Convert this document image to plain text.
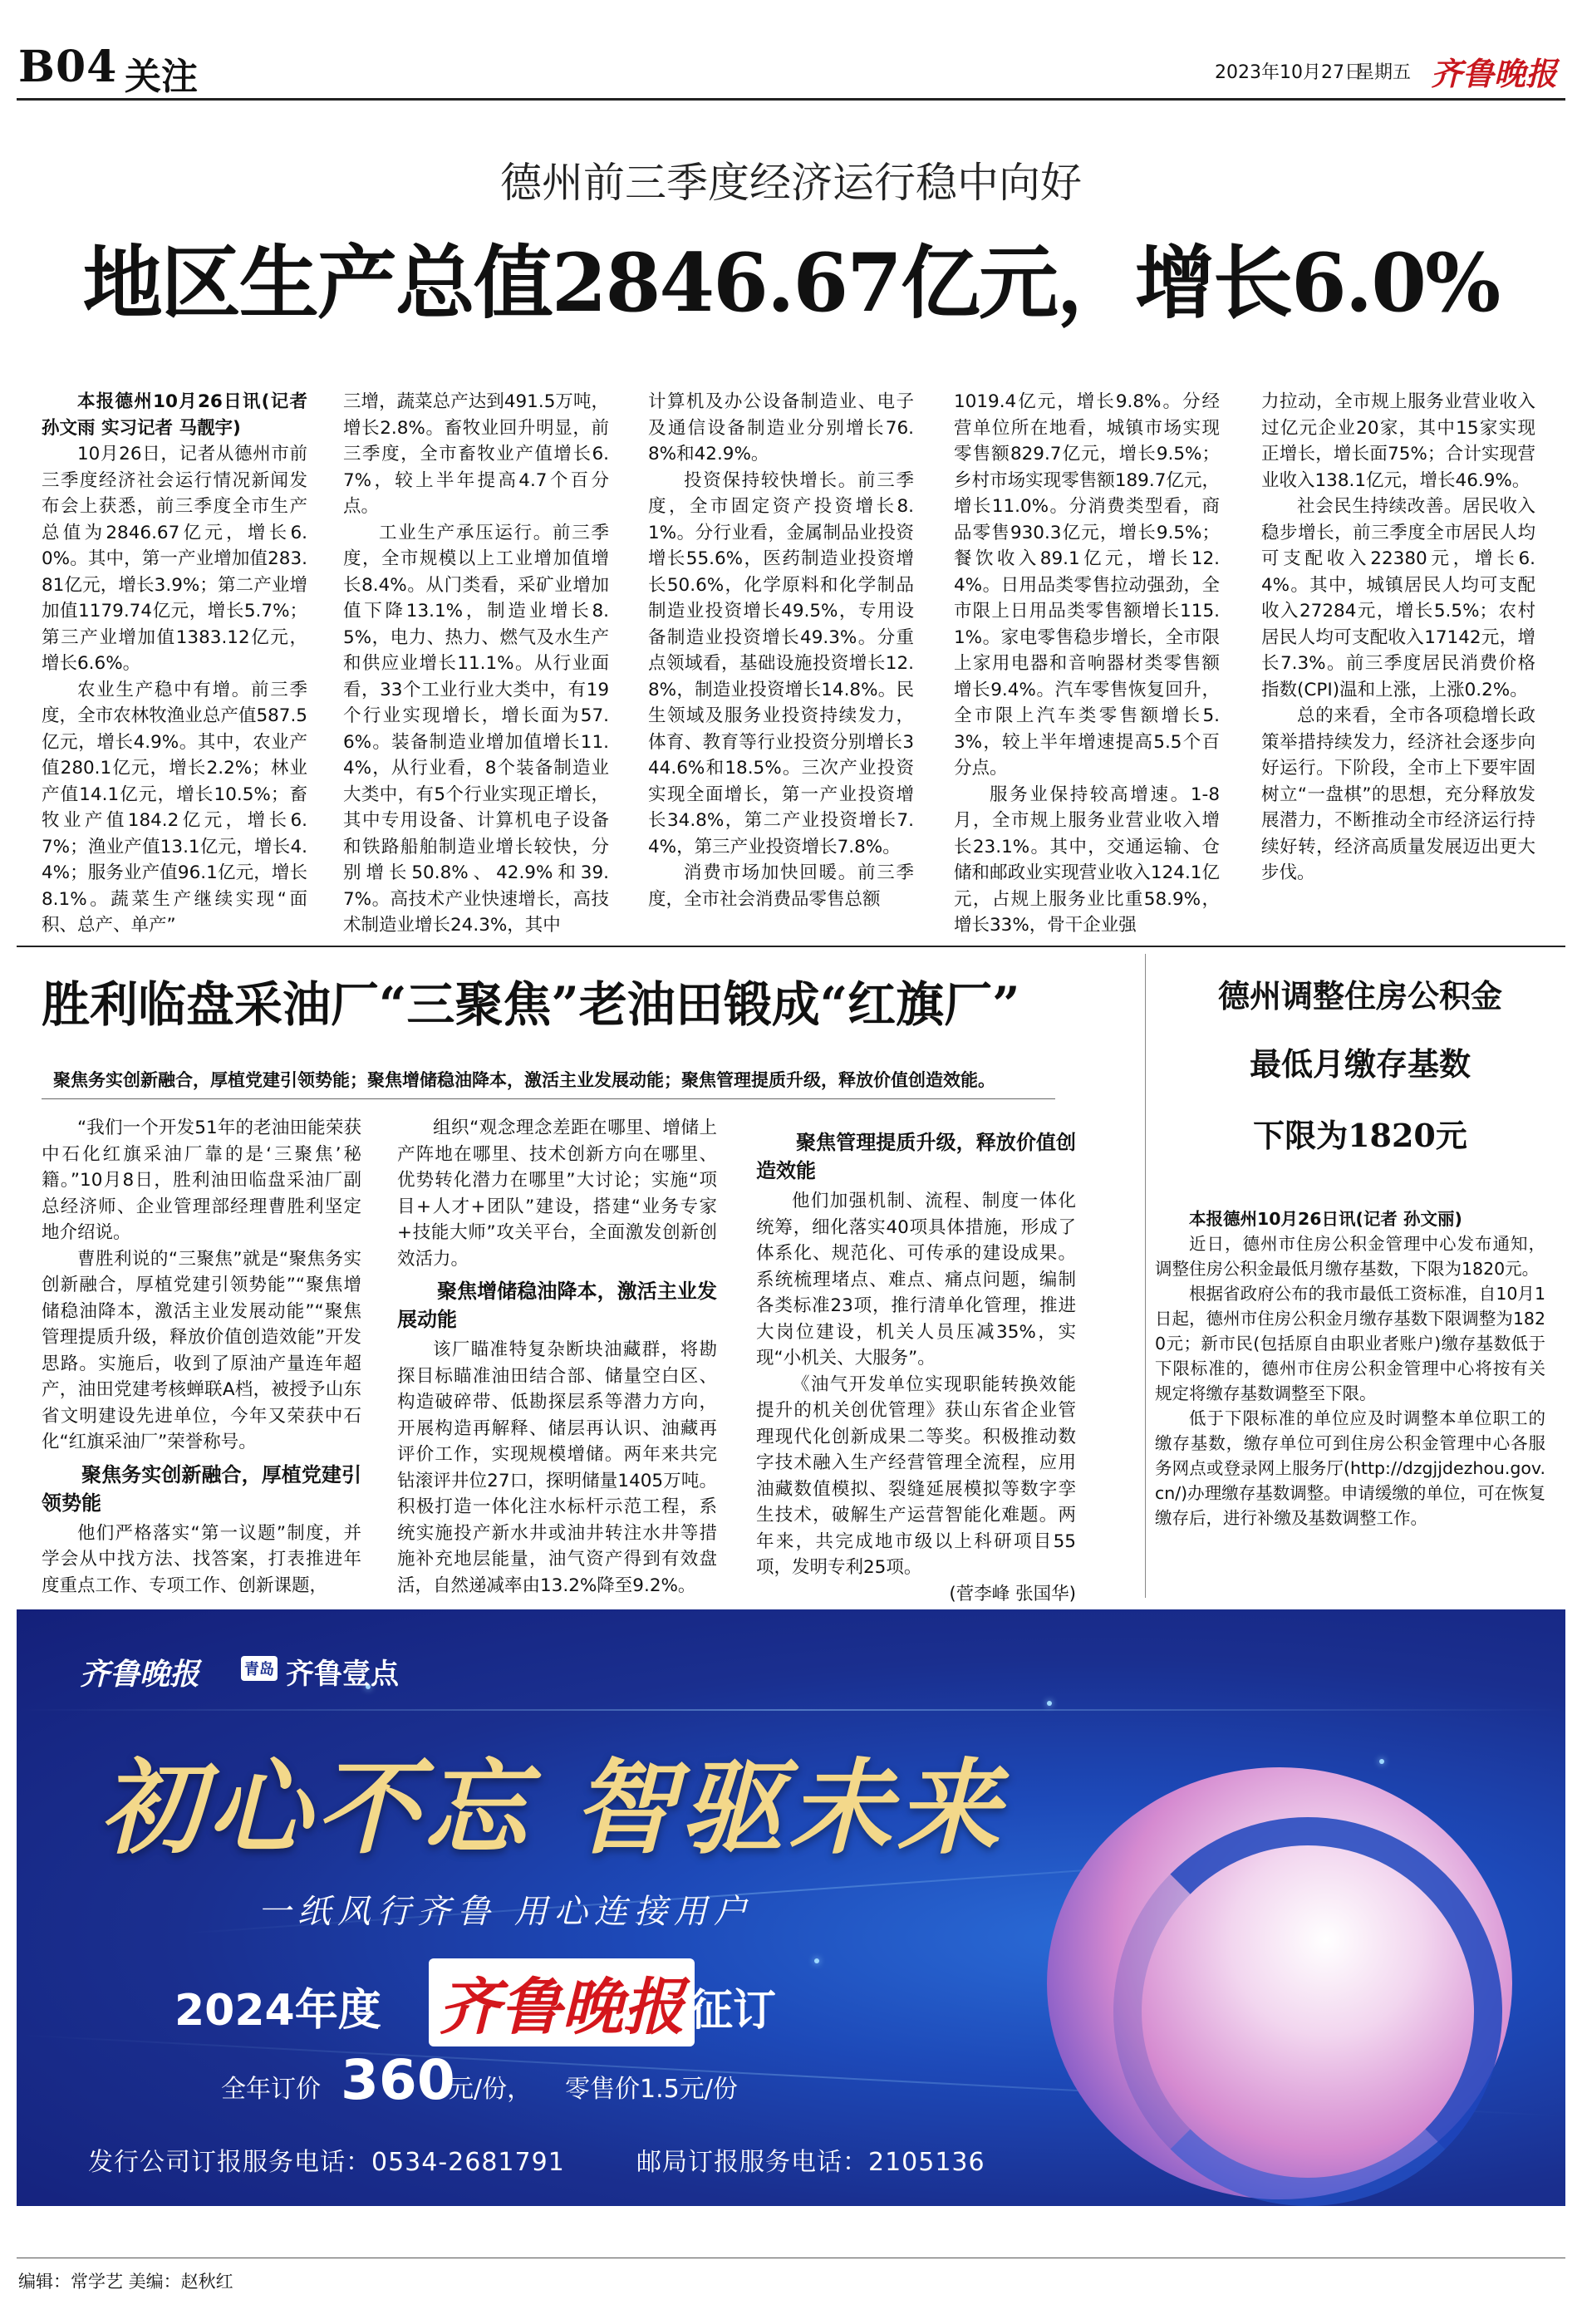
B04 关注	2023年10月27日
星期五 齐鲁晚报
德州前三季度经济运行稳中向好
地区生产总值2846.67亿元，增长6.0%

本报德州10月26日讯(记者 孙文雨 实习记者 马靓宇)

10月26日，记者从德州市前三季度经济社会运行情况新闻发布会上获悉，前三季度全市生产总值为2846.67亿元，增长6.0%。其中，第一产业增加值283.81亿元，增长3.9%；第二产业增加值1179.74亿元，增长5.7%；第三产业增加值1383.12亿元，增长6.6%。

农业生产稳中有增。前三季度，全市农林牧渔业总产值587.5亿元，增长4.9%。其中，农业产值280.1亿元，增长2.2%；林业产值14.1亿元，增长10.5%；畜牧业产值184.2亿元，增长6.7%；渔业产值13.1亿元，增长4.4%；服务业产值96.1亿元，增长8.1%。蔬菜生产继续实现“面积、总产、单产”

三增，蔬菜总产达到491.5万吨，增长2.8%。畜牧业回升明显，前三季度，全市畜牧业产值增长6.7%，较上半年提高4.7个百分点。

工业生产承压运行。前三季度，全市规模以上工业增加值增长8.4%。从门类看，采矿业增加值下降13.1%，制造业增长8.5%，电力、热力、燃气及水生产和供应业增长11.1%。从行业面看，33个工业行业大类中，有19个行业实现增长，增长面为57.6%。装备制造业增加值增长11.4%，从行业看，8个装备制造业大类中，有5个行业实现正增长，其中专用设备、计算机电子设备和铁路船舶制造业增长较快，分别增长50.8%、42.9%和39.7%。高技术产业快速增长，高技术制造业增长24.3%，其中

计算机及办公设备制造业、电子及通信设备制造业分别增长76.8%和42.9%。

投资保持较快增长。前三季度，全市固定资产投资增长8.1%。分行业看，金属制品业投资增长55.6%，医药制造业投资增长50.6%，化学原料和化学制品制造业投资增长49.5%，专用设备制造业投资增长49.3%。分重点领域看，基础设施投资增长12.8%，制造业投资增长14.8%。民生领域及服务业投资持续发力，体育、教育等行业投资分别增长344.6%和18.5%。三次产业投资实现全面增长，第一产业投资增长34.8%，第二产业投资增长7.4%，第三产业投资增长7.8%。

消费市场加快回暖。前三季度，全市社会消费品零售总额

1019.4亿元，增长9.8%。分经营单位所在地看，城镇市场实现零售额829.7亿元，增长9.5%；乡村市场实现零售额189.7亿元，增长11.0%。分消费类型看，商品零售930.3亿元，增长9.5%；餐饮收入89.1亿元，增长12.4%。日用品类零售拉动强劲，全市限上日用品类零售额增长115.1%。家电零售稳步增长，全市限上家用电器和音响器材类零售额增长9.4%。汽车零售恢复回升，全市限上汽车类零售额增长5.3%，较上半年增速提高5.5个百分点。

服务业保持较高增速。1-8月，全市规上服务业营业收入增长23.1%。其中，交通运输、仓储和邮政业实现营业收入124.1亿元，占规上服务业比重58.9%，增长33%，骨干企业强

力拉动，全市规上服务业营业收入过亿元企业20家，其中15家实现正增长，增长面75%；合计实现营业收入138.1亿元，增长46.9%。

社会民生持续改善。居民收入稳步增长，前三季度全市居民人均可支配收入22380元，增长6.4%。其中，城镇居民人均可支配收入27284元，增长5.5%；农村居民人均可支配收入17142元，增长7.3%。前三季度居民消费价格指数(CPI)温和上涨，上涨0.2%。

总的来看，全市各项稳增长政策举措持续发力，经济社会逐步向好运行。下阶段，全市上下要牢固树立“一盘棋”的思想，充分释放发展潜力，不断推动全市经济运行持续好转，经济高质量发展迈出更大步伐。

胜利临盘采油厂“三聚焦”老油田锻成“红旗厂”
聚焦务实创新融合，厚植党建引领势能；聚焦增储稳油降本，激活主业发展动能；聚焦管理提质升级，释放价值创造效能。

“我们一个开发51年的老油田能荣获中石化红旗采油厂靠的是‘三聚焦’秘籍。”10月8日，胜利油田临盘采油厂副总经济师、企业管理部经理曹胜利坚定地介绍说。

曹胜利说的“三聚焦”就是“聚焦务实创新融合，厚植党建引领势能”“聚焦增储稳油降本，激活主业发展动能”“聚焦管理提质升级，释放价值创造效能”开发思路。实施后，收到了原油产量连年超产，油田党建考核蝉联A档，被授予山东省文明建设先进单位，今年又荣获中石化“红旗采油厂”荣誉称号。

聚焦务实创新融合，厚植党建引领势能

他们严格落实“第一议题”制度，并学会从中找方法、找答案，打表推进年度重点工作、专项工作、创新课题，

组织“观念理念差距在哪里、增储上产阵地在哪里、技术创新方向在哪里、优势转化潜力在哪里”大讨论；实施“项目+人才+团队”建设，搭建“业务专家+技能大师”攻关平台，全面激发创新创效活力。

聚焦增储稳油降本，激活主业发展动能

该厂瞄准特复杂断块油藏群，将勘探目标瞄准油田结合部、储量空白区、构造破碎带、低勘探层系等潜力方向，开展构造再解释、储层再认识、油藏再评价工作，实现规模增储。两年来共完钻滚评井位27口，探明储量1405万吨。积极打造一体化注水标杆示范工程，系统实施投产新水井或油井转注水井等措施补充地层能量，油气资产得到有效盘活，自然递减率由13.2%降至9.2%。

聚焦管理提质升级，释放价值创造效能

他们加强机制、流程、制度一体化统筹，细化落实40项具体措施，形成了体系化、规范化、可传承的建设成果。系统梳理堵点、难点、痛点问题，编制各类标准23项，推行清单化管理，推进大岗位建设，机关人员压减35%，实现“小机关、大服务”。

《油气开发单位实现职能转换效能提升的机关创优管理》获山东省企业管理现代化创新成果二等奖。积极推动数字技术融入生产经营管理全流程，应用油藏数值模拟、裂缝延展模拟等数字孪生技术，破解生产运营智能化难题。两年来，共完成地市级以上科研项目55项，发明专利25项。

(菅李峰 张国华)

德州调整住房公积金
最低月缴存基数
下限为1820元

本报德州10月26日讯(记者 孙文丽)

近日，德州市住房公积金管理中心发布通知，调整住房公积金最低月缴存基数，下限为1820元。

根据省政府公布的我市最低工资标准，自10月1日起，德州市住房公积金月缴存基数下限调整为1820元；新市民(包括原自由职业者账户)缴存基数低于下限标准的，德州市住房公积金管理中心将按有关规定将缴存基数调整至下限。

低于下限标准的单位应及时调整本单位职工的缴存基数，缴存单位可到住房公积金管理中心各服务网点或登录网上服务厅(http://dzgjjdezhou.gov.cn/)办理缴存基数调整。申请缓缴的单位，可在恢复缴存后，进行补缴及基数调整工作。

齐鲁晚报	青岛 齐鲁壹点
初心不忘 智驱未来
一纸风行齐鲁 用心连接用户
2024年度 齐鲁晚报 征订
全年订价 360
元/份， 零售价1.5元/份
发行公司订报服务电话：0534-2681791	邮局订报服务电话：2105136
编辑：常学艺 美编：赵秋红
